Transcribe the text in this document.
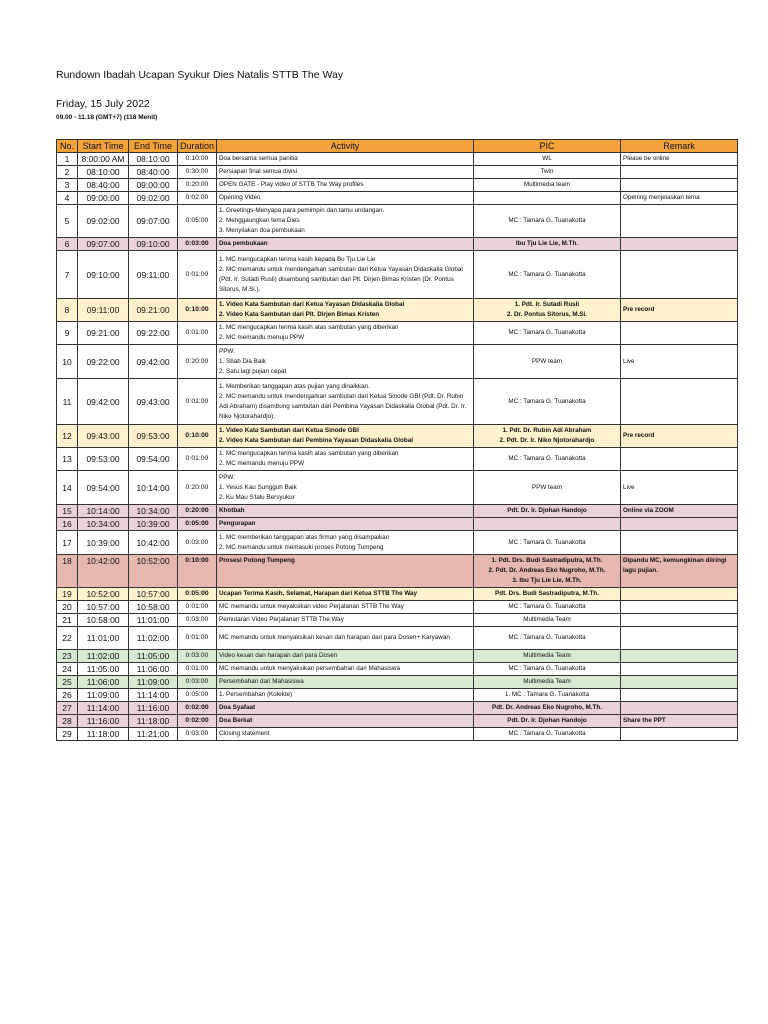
Rundown Ibadah Ucapan Syukur Dies Natalis STTB The Way
Friday, 15 July 2022
09.00 - 11.18 (GMT+7) (118 Menit)
No.	Start Time	End Time	Duration	Activity	PIC	Remark
1	8:00:00 AM	08:10:00	0:10:00	Doa bersama semua panitia	WL	Please be online

2	08:10:00	08:40:00	0:30:00	Persiapan final semua divisi	Twin	

3	08:40:00	09:00:00	0:20:00	OPEN GATE - Play video of STTB The Way profiles	Multimedia team	

4	09:00:00	09:02:00	0:02:00	Opening Video		Opening menjelaskan tema

5	09:02:00	09:07:00	0:05:00	1. Greetings-Menyapa para pemimpin dan tamu undangan.
2. Menggaungkan tema Dies
3. Menyilakan doa pembukaan	MC : Tamara G. Tuanakotta	

6	09:07:00	09:10:00	0:03:00	Doa pembukaan	Ibu Tju Lie Lie, M.Th.	

7	09:10:00	09:11:00	0:01:00	1. MC mengucapkan terima kasih kepada Bu Tju Lie Lie
2. MC memandu untuk mendengarkan sambutan dari Ketua Yayasan Didaskalia Global (Pdt. Ir. Sutadi Rusli) disambung sambutan dari Plt. Dirjen Bimas Kristen (Dr. Pontus Sitorus, M.Si.).	MC : Tamara G. Tuanakotta	

8	09:11:00	09:21:00	0:10:00	1. Video Kata Sambutan dari Ketua Yayasan Didaskalia Global
2. Video Kata Sambutan dari Plt. Dirjen Bimas Kristen	1. Pdt. Ir. Sutadi Rusli
2. Dr. Pontus Sitorus, M.Si.	Pre record

9	09:21:00	09:22:00	0:01:00	1. MC mengucapkan terima kasih atas sambutan yang diberikan
2. MC memandu menuju PPW	MC : Tamara G. Tuanakotta	

10	09:22:00	09:42:00	0:20:00	PPW:
1. Sbab Dia Baik
2. Satu lagi pujian cepat	PPW team	Live

11	09:42:00	09:43:00	0:01:00	1. Memberikan tanggapan atas pujian yang dinaikkan.
2. MC memandu untuk mendengarkan sambutan dari Ketua Sinode GBI (Pdt. Dr. Rubin Adi Abraham) disambung sambutan dari Pembina Yayasan Didaskalia Global (Pdt. Dr. Ir. Niko Njotorahardjo).	MC : Tamara G. Tuanakotta	

12	09:43:00	09:53:00	0:10:00	1. Video Kata Sambutan dari Ketua Sinode GBI
2. Video Kata Sambutan dari Pembina Yayasan Didaskalia Global	1. Pdt. Dr. Rubin Adi Abraham
2. Pdt. Dr. Ir. Niko Njotorahardjo	Pre record

13	09:53:00	09:54:00	0:01:00	1. MC mengucapkan terima kasih atas sambutan yang diberikan
2. MC memandu menuju PPW	MC : Tamara G. Tuanakotta	

14	09:54:00	10:14:00	0:20:00	PPW:
1. Yesus Kau Sungguh Baik
2. Ku Mau S'lalu Bersyukur	PPW team	Live

15	10:14:00	10:34:00	0:20:00	Khotbah	Pdt. Dr. Ir. Djohan Handojo	Online via ZOOM

16	10:34:00	10:39:00	0:05:00	Pengurapan		

17	10:39:00	10:42:00	0:03:00	1. MC memberikan tanggapan atas firman yang disampaikan
2. MC memandu untuk memasuki proses Potong Tumpeng	MC : Tamara G. Tuanakotta	

18	10:42:00	10:52:00	0:10:00	Prosesi Potong Tumpeng	1. Pdt. Drs. Budi Sastradiputra, M.Th.
2. Pdt. Dr. Andreas Eko Nugroho, M.Th.
3. Ibu Tju Lie Lie, M.Th.	Dipandu MC, kemungkinan diiringi lagu pujian.

19	10:52:00	10:57:00	0:05:00	Ucapan Terima Kasih, Selamat, Harapan dari Ketua STTB The Way	Pdt. Drs. Budi Sastradiputra, M.Th.	

20	10:57:00	10:58:00	0:01:00	MC memandu untuk meyaksikan video Perjalanan STTB The Way	MC : Tamara G. Tuanakotta	

21	10:58:00	11:01:00	0:03:00	Pemutaran Video Perjalanan STTB The Way	Multimedia Team	

22	11:01:00	11:02:00	0:01:00	MC memandu untuk menyaksikan kesan dan harapan dari para Dosen+ Karyawan	MC : Tamara G. Tuanakotta	

23	11:02:00	11:05:00	0:03:00	Video kesan dan harapan dari para Dosen	Multimedia Team	

24	11:05:00	11:06:00	0:01:00	MC memandu untuk menyaksikan persembahan dari Mahasiswa	MC : Tamara G. Tuanakotta	

25	11:06:00	11:09:00	0:03:00	Persembahan dari Mahasiswa	Multimedia Team	

26	11:09:00	11:14:00	0:05:00	1. Persembahan (Kolekte)	1. MC : Tamara G. Tuanakotta	

27	11:14:00	11:16:00	0:02:00	Doa Syafaat	Pdt. Dr. Andreas Eko Nugroho, M.Th.	

28	11:16:00	11:18:00	0:02:00	Doa Berkat	Pdt. Dr. Ir. Djohan Handojo	Share the PPT

29	11:18:00	11:21:00	0:03:00	Closing statement	MC : Tamara G. Tuanakotta	
